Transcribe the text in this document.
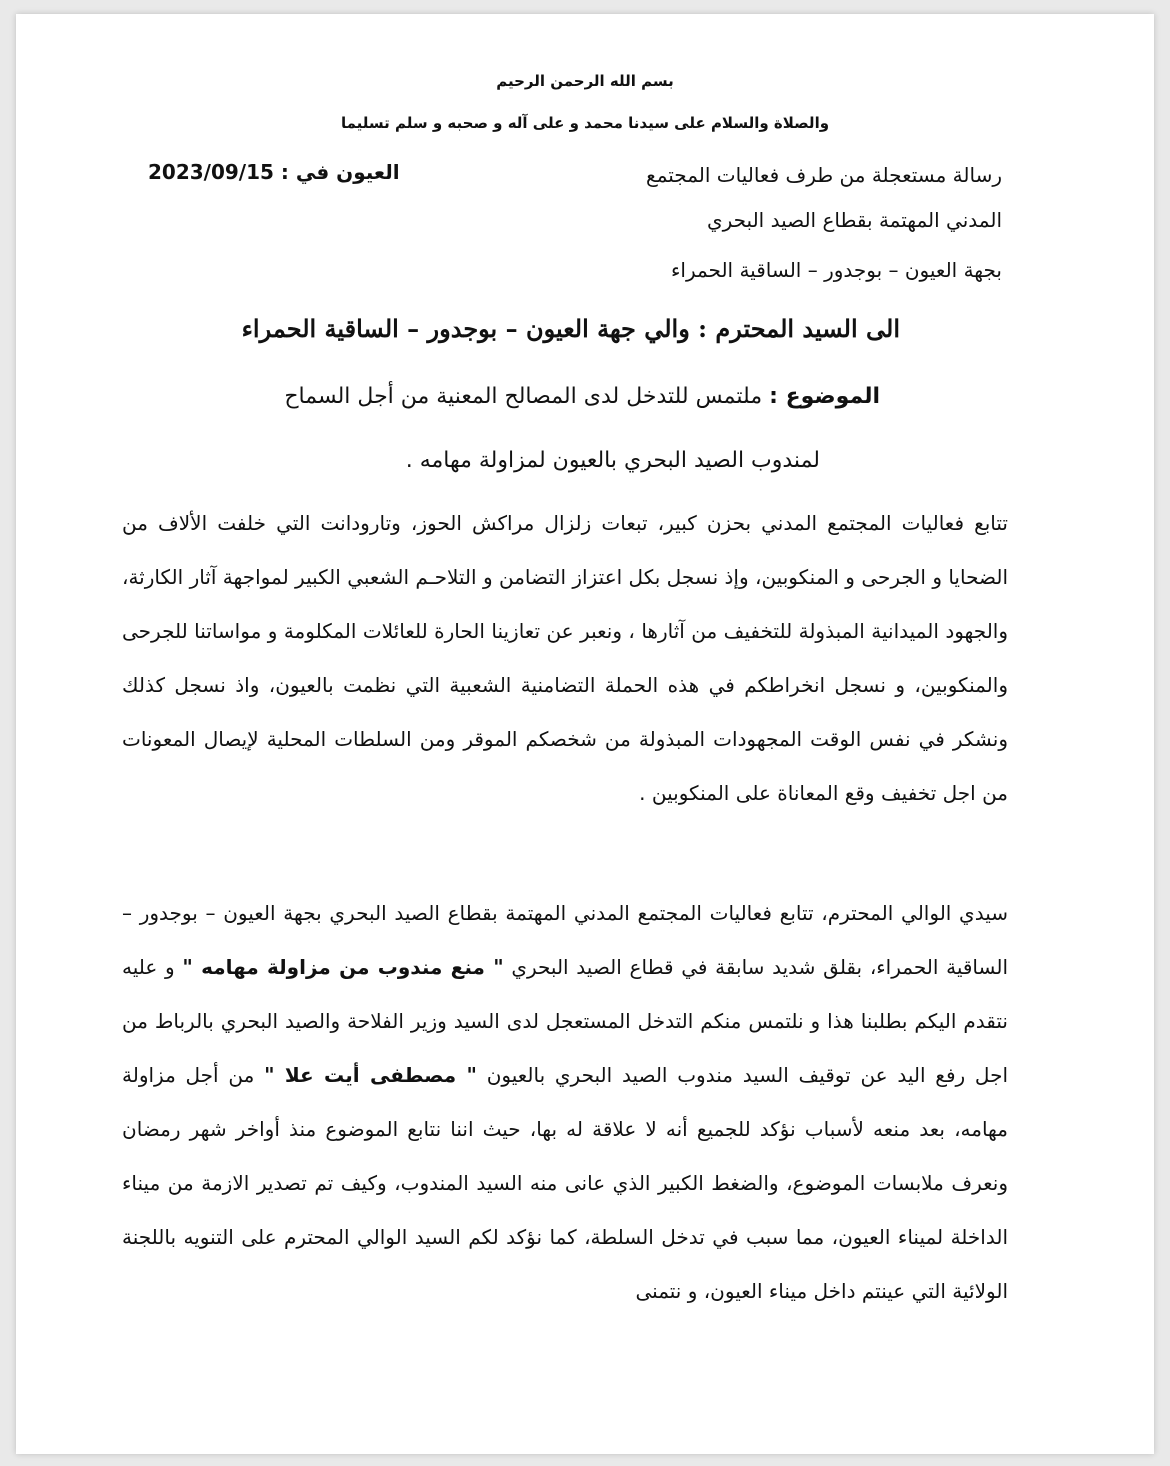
بسم الله الرحمن الرحيم
والصلاة والسلام على سيدنا محمد و على آله و صحبه و سلم تسليما
رسالة مستعجلة من طرف فعاليات المجتمع
المدني المهتمة بقطاع الصيد البحري
بجهة العيون – بوجدور – الساقية الحمراء
العيون في : 2023/09/15
الى السيد المحترم : والي جهة العيون – بوجدور – الساقية الحمراء
الموضوع : ملتمس للتدخل لدى المصالح المعنية من أجل السماح
لمندوب الصيد البحري بالعيون لمزاولة مهامه .
تتابع فعاليات المجتمع المدني بحزن كبير، تبعات زلزال مراكش الحوز، وتارودانت التي خلفت الألاف من الضحايا و الجرحى و المنكوبين، وإذ نسجل بكل اعتزاز التضامن و التلاحـم الشعبي الكبير لمواجهة آثار الكارثة، والجهود الميدانية المبذولة للتخفيف من آثارها ، ونعبر عن تعازينا الحارة للعائلات المكلومة و مواساتنا للجرحى والمنكوبين، و نسجل انخراطكم في هذه الحملة التضامنية الشعبية التي نظمت بالعيون، واذ نسجل كذلك ونشكر في نفس الوقت المجهودات المبذولة من شخصكم الموقر ومن السلطات المحلية لإيصال المعونات من اجل تخفيف وقع المعاناة على المنكوبين .
سيدي الوالي المحترم، تتابع فعاليات المجتمع المدني المهتمة بقطاع الصيد البحري بجهة العيون – بوجدور – الساقية الحمراء، بقلق شديد سابقة في قطاع الصيد البحري " منع مندوب من مزاولة مهامه " و عليه نتقدم اليكم بطلبنا هذا و نلتمس منكم التدخل المستعجل لدى السيد وزير الفلاحة والصيد البحري بالرباط من اجل رفع اليد عن توقيف السيد مندوب الصيد البحري بالعيون " مصطفى أيت علا " من أجل مزاولة مهامه، بعد منعه لأسباب نؤكد للجميع أنه لا علاقة له بها، حيث اننا نتابع الموضوع منذ أواخر شهر رمضان ونعرف ملابسات الموضوع، والضغط الكبير الذي عانى منه السيد المندوب، وكيف تم تصدير الازمة من ميناء الداخلة لميناء العيون، مما سبب في تدخل السلطة، كما نؤكد لكم السيد الوالي المحترم على التنويه باللجنة الولائية التي عينتم داخل ميناء العيون، و نتمنى
